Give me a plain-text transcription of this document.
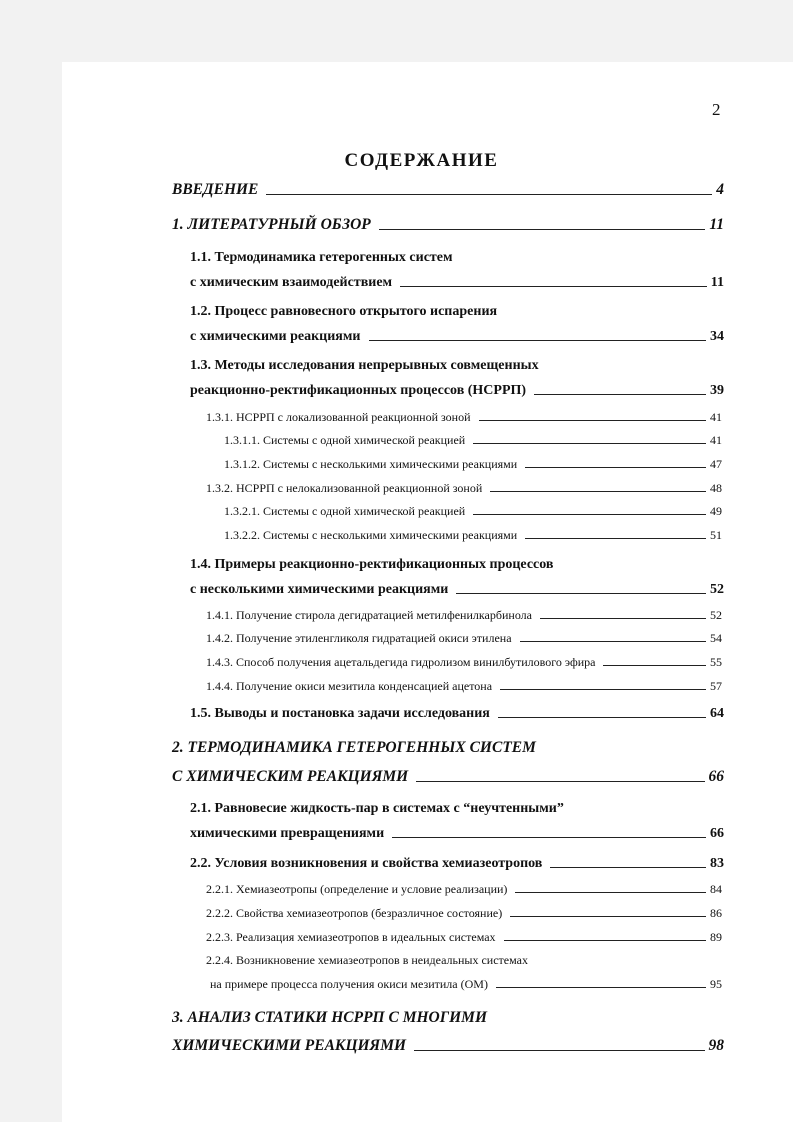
2
СОДЕРЖАНИЕ
ВВЕДЕНИЕ	4
1. ЛИТЕРАТУРНЫЙ ОБЗОР	11
1.1. Термодинамика гетерогенных систем
с химическим взаимодействием	11
1.2. Процесс равновесного открытого испарения
с химическими реакциями	34
1.3. Методы исследования непрерывных совмещенных
реакционно-ректификационных процессов (НСРРП)	39
1.3.1. НСРРП с локализованной реакционной зоной	41
1.3.1.1. Системы с одной химической реакцией	41
1.3.1.2. Системы с несколькими химическими реакциями	47
1.3.2. НСРРП с нелокализованной реакционной зоной	48
1.3.2.1. Системы с одной химической реакцией	49
1.3.2.2. Системы с несколькими химическими реакциями	51
1.4. Примеры реакционно-ректификационных процессов
с несколькими химическими реакциями	52
1.4.1. Получение стирола дегидратацией метилфенилкарбинола	52
1.4.2. Получение этиленгликоля гидратацией окиси этилена	54
1.4.3. Способ получения ацетальдегида гидролизом винилбутилового эфира	55
1.4.4. Получение окиси мезитила конденсацией ацетона	57
1.5. Выводы и постановка задачи исследования	64
2. ТЕРМОДИНАМИКА ГЕТЕРОГЕННЫХ СИСТЕМ
С ХИМИЧЕСКИМ РЕАКЦИЯМИ	66
2.1. Равновесие жидкость-пар в системах с “неучтенными”
химическими превращениями	66
2.2. Условия возникновения и свойства хемиазеотропов	83
2.2.1. Хемиазеотропы (определение и условие реализации)	84
2.2.2. Свойства хемиазеотропов (безразличное состояние)	86
2.2.3. Реализация хемиазеотропов в идеальных системах	89
2.2.4. Возникновение хемиазеотропов в неидеальных системах
на примере процесса получения окиси мезитила (ОМ)	95
3. АНАЛИЗ СТАТИКИ НСРРП С МНОГИМИ
ХИМИЧЕСКИМИ РЕАКЦИЯМИ	98
